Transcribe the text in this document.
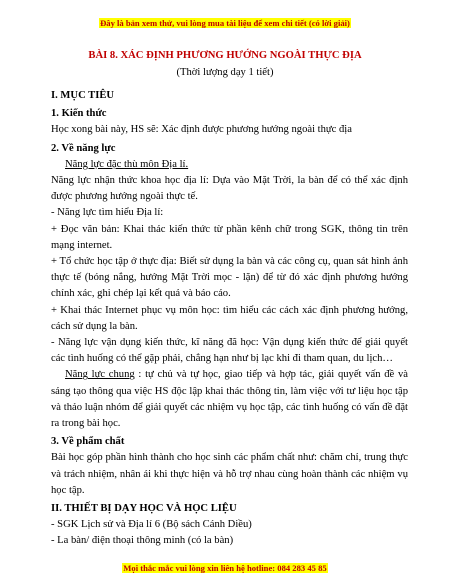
Đây là bản xem thử, vui lòng mua tài liệu để xem chi tiết (có lời giải)
BÀI 8. XÁC ĐỊNH PHƯƠNG HƯỚNG NGOÀI THỰC ĐỊA
(Thời lượng dạy 1 tiết)

I. MỤC TIÊU

1. Kiến thức

Học xong bài này, HS sẽ: Xác định được phương hướng ngoài thực địa

2. Về năng lực

Năng lực đặc thù môn Địa lí.

Năng lực nhận thức khoa học địa lí: Dựa vào Mặt Trời, la bàn để có thể xác định được phương hướng ngoài thực tế.

- Năng lực tìm hiểu Địa lí:

+ Đọc văn bản: Khai thác kiến thức từ phần kênh chữ trong SGK, thông tin trên mạng internet.

+ Tổ chức học tập ở thực địa: Biết sử dụng la bàn và các công cụ, quan sát hình ảnh thực tế (bóng nắng, hướng Mặt Trời mọc - lặn) để từ đó xác định phương hướng chính xác, ghi chép lại kết quả và báo cáo.

+ Khai thác Internet phục vụ môn học: tìm hiểu các cách xác định phương hướng, cách sử dụng la bàn.

- Năng lực vận dụng kiến thức, kĩ năng đã học: Vận dụng kiến thức để giải quyết các tình huống có thể gặp phải, chẳng hạn như bị lạc khi đi tham quan, du lịch…

Năng lực chung : tự chủ và tự học, giao tiếp và hợp tác, giải quyết vấn đề và sáng tạo thông qua việc HS độc lập khai thác thông tin, làm việc với tư liệu học tập và thảo luận nhóm để giải quyết các nhiệm vụ học tập, các tình huống có vấn đề đặt ra trong bài học.

3. Về phẩm chất

Bài học góp phần hình thành cho học sinh các phẩm chất như: chăm chỉ, trung thực và trách nhiệm, nhân ái khi thực hiện và hỗ trợ nhau cùng hoàn thành các nhiệm vụ học tập.

II. THIẾT BỊ DẠY HỌC VÀ HỌC LIỆU

- SGK Lịch sử và Địa lí 6 (Bộ sách Cánh Diều)

- La bàn/ điện thoại thông minh (có la bàn)

Mọi thắc mắc vui lòng xin liên hệ hotline: 084 283 45 85
